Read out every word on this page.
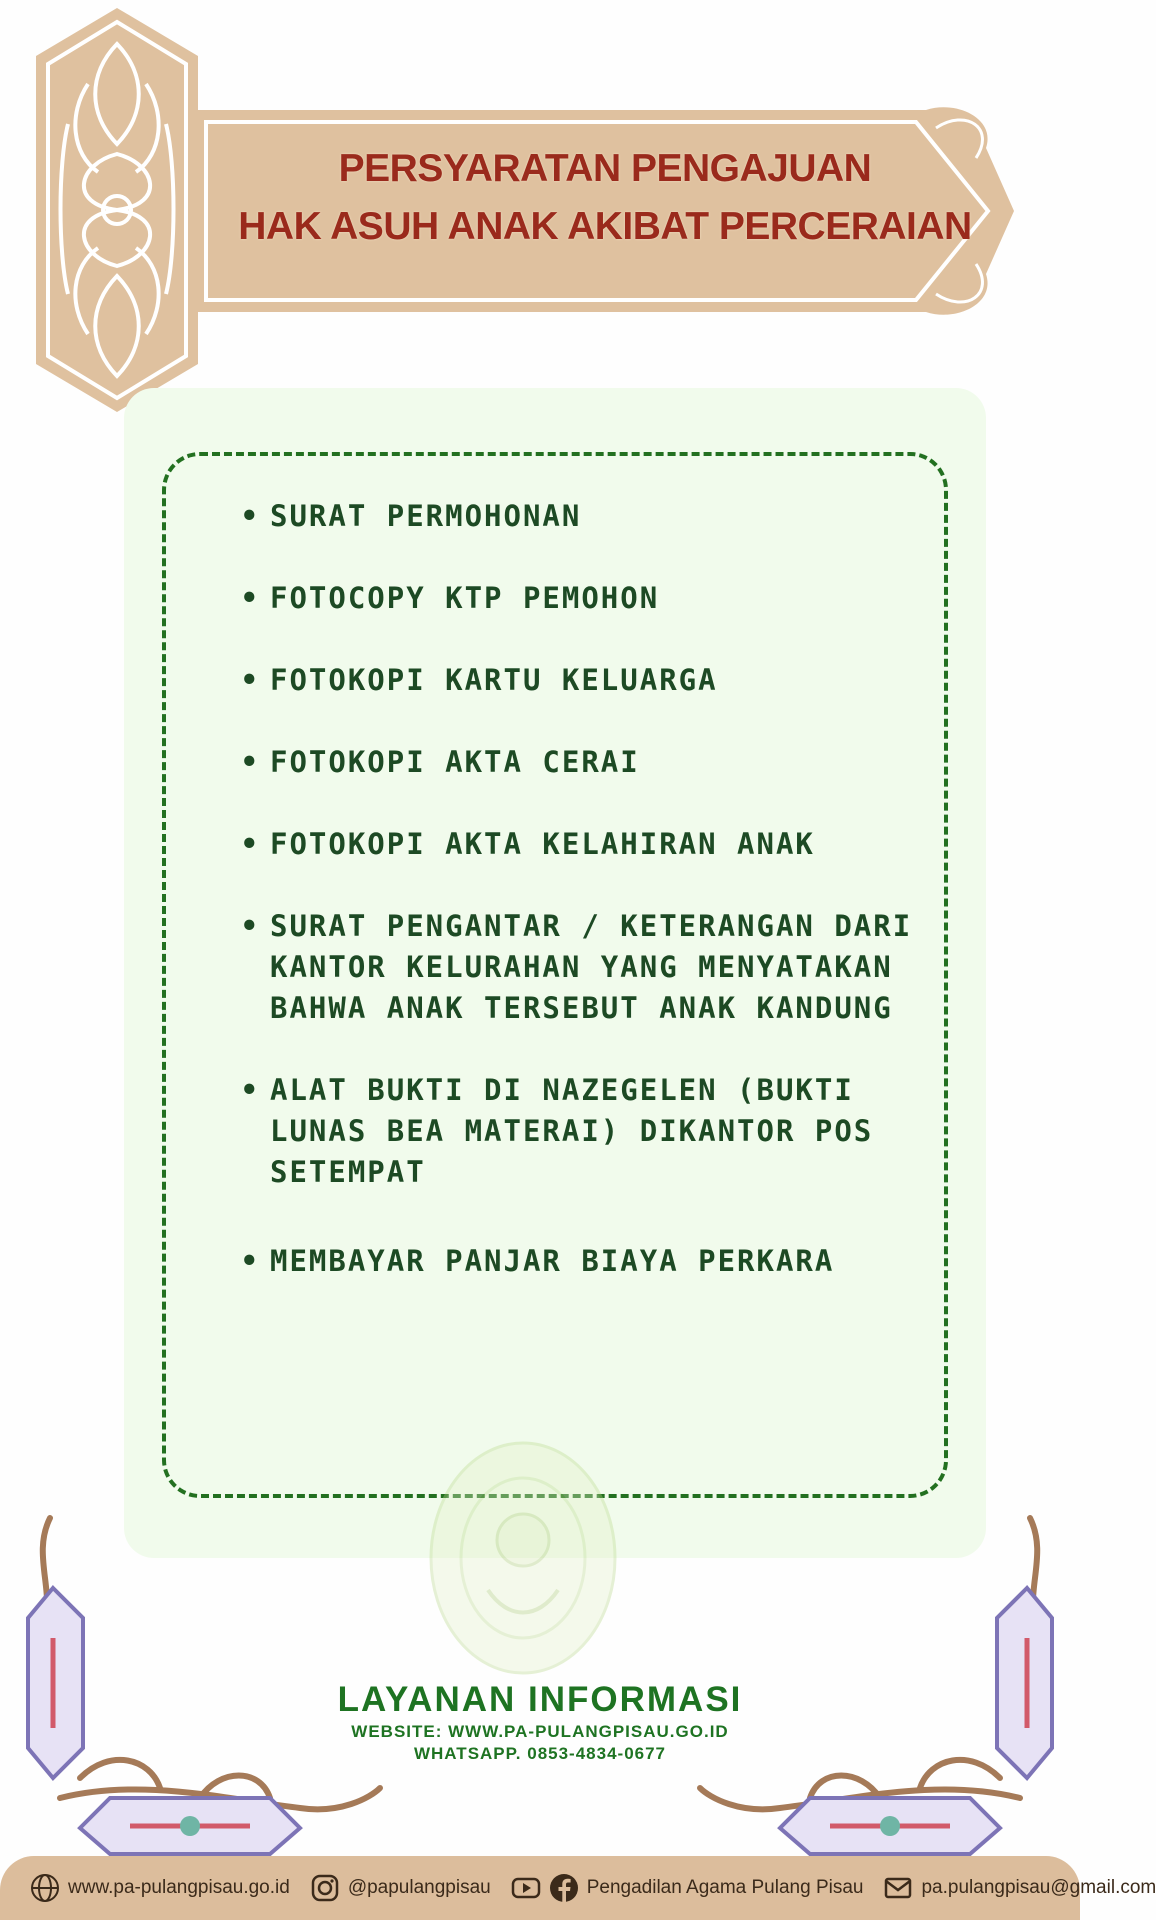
PERSYARATAN PENGAJUAN
HAK ASUH ANAK AKIBAT PERCERAIAN
• SURAT PERMOHONAN
• FOTOCOPY KTP PEMOHON
• FOTOKOPI KARTU KELUARGA
• FOTOKOPI AKTA CERAI
• FOTOKOPI AKTA KELAHIRAN ANAK
• SURAT PENGANTAR / KETERANGAN DARI KANTOR KELURAHAN YANG MENYATAKAN BAHWA ANAK TERSEBUT ANAK KANDUNG
• ALAT BUKTI DI NAZEGELEN (BUKTI LUNAS BEA MATERAI) DIKANTOR POS SETEMPAT
• MEMBAYAR PANJAR BIAYA PERKARA
LAYANAN INFORMASI
WEBSITE: WWW.PA-PULANGPISAU.GO.ID
WHATSAPP. 0853-4834-0677
www.pa-pulangpisau.go.id	@papulangpisau	Pengadilan Agama Pulang Pisau	pa.pulangpisau@gmail.com
